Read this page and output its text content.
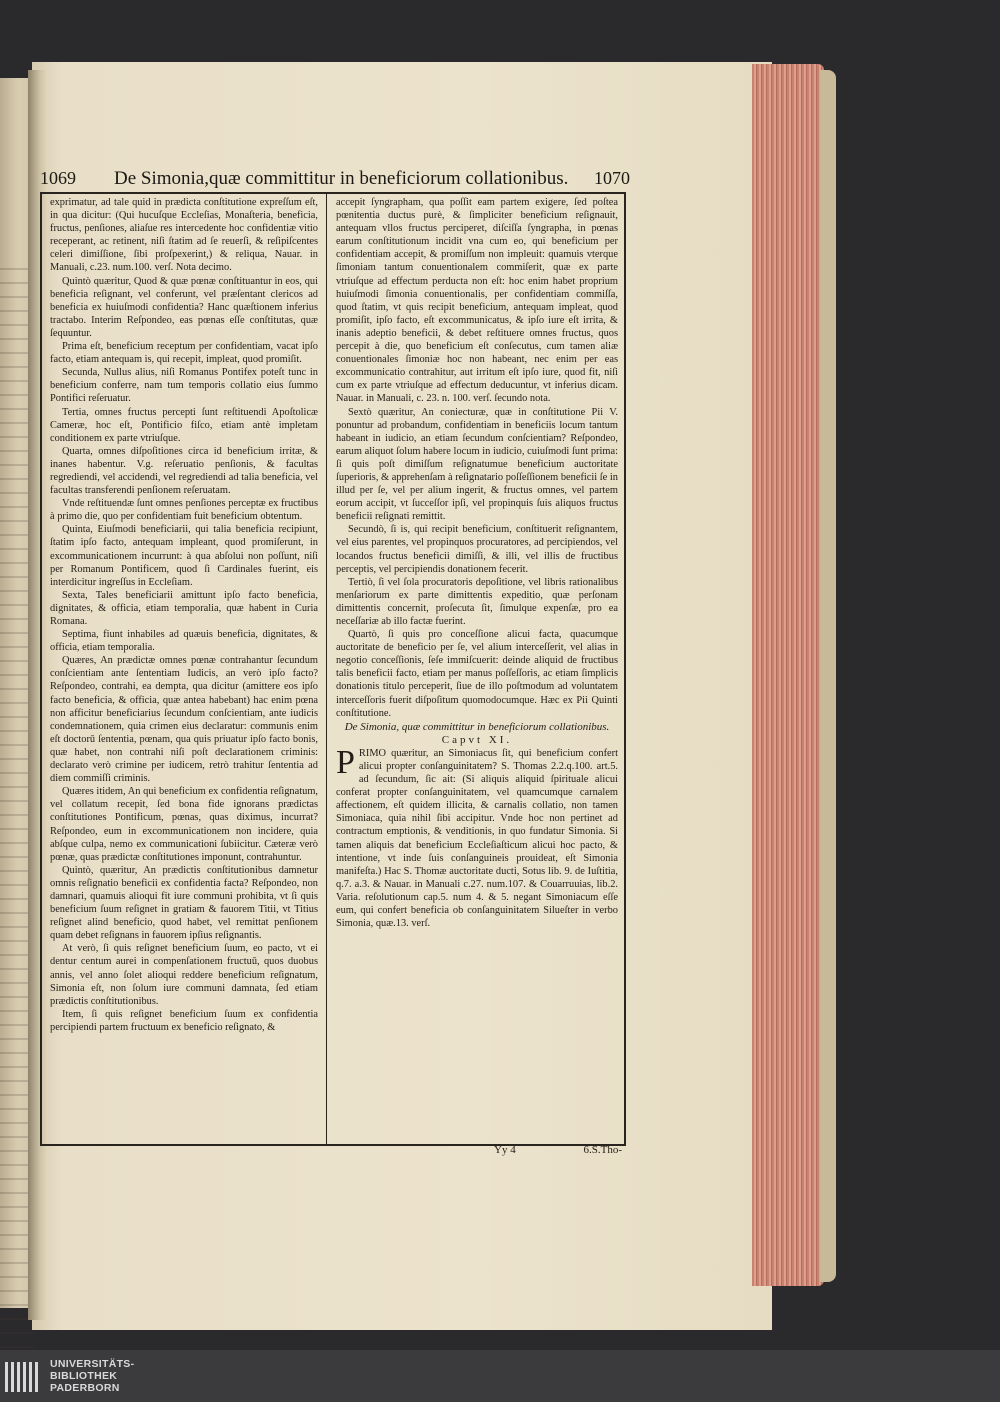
1069 De Simonia,quæ committitur in beneficiorum collationibus. 1070

exprimatur, ad tale quid in prædicta conſtitutione expreſſum eſt, in qua dicitur: (Qui hucuſque Eccleſias, Monaſteria, beneficia, fructus, penſiones, aliaſue res intercedente hoc confidentiæ vitio receperant, ac retinent, niſi ſtatim ad ſe reuerſi, & reſipiſcentes celeri dimiſſione, ſibi proſpexerint,) & reliqua, Nauar. in Manuali, c.23. num.100. verſ. Nota decimo.

Quintò quæritur, Quod & quæ pœnæ conſtituantur in eos, qui beneficia reſignant, vel conferunt, vel præſentant clericos ad beneficia ex huiuſmodi confidentia? Hanc quæſtionem inferius tractabo. Interim Reſpondeo, eas pœnas eſſe conſtitutas, quæ ſequuntur.

Prima eſt, beneficium receptum per confidentiam, vacat ipſo facto, etiam antequam is, qui recepit, impleat, quod promiſit.

Secunda, Nullus alius, niſi Romanus Pontifex poteſt tunc in beneficium conferre, nam tum temporis collatio eius ſummo Pontifici reſeruatur.

Tertia, omnes fructus percepti ſunt reſtituendi Apoſtolicæ Cameræ, hoc eſt, Pontificio fiſco, etiam antè impletam conditionem ex parte vtriuſque.

Quarta, omnes diſpoſitiones circa id beneficium irritæ, & inanes habentur. V.g. reſeruatio penſionis, & facultas regrediendi, vel accidendi, vel regrediendi ad talia beneficia, vel facultas transferendi penſionem reſeruatam.

Vnde reſtituendæ ſunt omnes penſiones perceptæ ex fructibus à primo die, quo per confidentiam fuit beneficium obtentum.

Quinta, Eiuſmodi beneficiarii, qui talia beneficia recipiunt, ſtatim ipſo facto, antequam impleant, quod promiſerunt, in excommunicationem incurrunt: à qua abſolui non poſſunt, niſi per Romanum Pontificem, quod ſi Cardinales fuerint, eis interdicitur ingreſſus in Eccleſiam.

Sexta, Tales beneficiarii amittunt ipſo facto beneficia, dignitates, & officia, etiam temporalia, quæ habent in Curia Romana.

Septima, fiunt inhabiles ad quæuis beneficia, dignitates, & officia, etiam temporalia.

Quæres, An prædictæ omnes pœnæ contrahantur ſecundum conſcientiam ante ſententiam Iudicis, an verò ipſo facto? Reſpondeo, contrahi, ea dempta, qua dicitur (amittere eos ipſo facto beneficia, & officia, quæ antea habebant) hac enim pœna non afficitur beneficiarius ſecundum conſcientiam, ante iudicis condemnationem, quia crimen eius declaratur: communis enim eſt doctorū ſententia, pœnam, qua quis priuatur ipſo facto bonis, quæ habet, non contrahi niſi poſt declarationem criminis: declarato verò crimine per iudicem, retrò trahitur ſententia ad diem commiſſi criminis.

Quæres itidem, An qui beneficium ex confidentia reſignatum, vel collatum recepit, ſed bona fide ignorans prædictas conſtitutiones Pontificum, pœnas, quas diximus, incurrat? Reſpondeo, eum in excommunicationem non incidere, quia abſque culpa, nemo ex communicationi ſubiicitur. Cæteræ verò pœnæ, quas prædictæ conſtitutiones imponunt, contrahuntur.

Quintò, quæritur, An prædictis conſtitutionibus damnetur omnis reſignatio beneficii ex confidentia facta? Reſpondeo, non damnari, quamuis alioqui fit iure communi prohibita, vt ſi quis beneficium ſuum reſignet in gratiam & fauorem Titii, vt Titius reſignet alind beneficio, quod habet, vel remittat penſionem quam debet reſignans in fauorem ipſius reſignantis.

At verò, ſi quis reſignet beneficium ſuum, eo pacto, vt ei dentur centum aurei in compenſationem fructuū, quos duobus annis, vel anno ſolet alioqui reddere beneficium reſignatum, Simonia eſt, non ſolum iure communi damnata, ſed etiam prædictis conſtitutionibus.

Item, ſi quis reſignet beneficium ſuum ex confidentia percipiendi partem fructuum ex beneficio reſignato, &

accepit ſyngrapham, qua poſſit eam partem exigere, ſed poſtea pœnitentia ductus purè, & ſimpliciter beneficium reſignauit, antequam vllos fructus perciperet, diſciſſa ſyngrapha, in pœnas earum conſtitutionum incidit vna cum eo, qui beneficium per confidentiam accepit, & promiſſum non impleuit: quamuis vterque ſimoniam tantum conuentionalem commiſerit, quæ ex parte vtriuſque ad effectum perducta non eſt: hoc enim habet proprium huiuſmodi ſimonia conuentionalis, per confidentiam commiſſa, quod ſtatim, vt quis recipit beneficium, antequam impleat, quod promiſit, ipſo facto, eſt excommunicatus, & ipſo iure eſt irrita, & inanis adeptio beneficii, & debet reſtituere omnes fructus, quos percepit à die, quo beneficium eſt conſecutus, cum tamen aliæ conuentionales ſimoniæ hoc non habeant, nec enim per eas excommunicatio contrahitur, aut irritum eſt ipſo iure, quod fit, niſi cum ex parte vtriuſque ad effectum deducuntur, vt inferius dicam. Nauar. in Manuali, c. 23. n. 100. verſ. ſecundo nota.

Sextò quæritur, An coniecturæ, quæ in conſtitutione Pii V. ponuntur ad probandum, confidentiam in beneficiis locum tantum habeant in iudicio, an etiam ſecundum conſcientiam? Reſpondeo, earum aliquot ſolum habere locum in iudicio, cuiuſmodi ſunt prima: ſi quis poſt dimiſſum reſignatumue beneficium auctoritate ſuperioris, & apprehenſam à reſignatario poſſeſſionem beneficii ſe in illud per ſe, vel per alium ingerit, & fructus omnes, vel partem eorum accipit, vt ſucceſſor ipſi, vel propinquis ſuis aliquos fructus beneficii reſignati remittit.

Secundò, ſi is, qui recipit beneficium, conſtituerit reſignantem, vel eius parentes, vel propinquos procuratores, ad percipiendos, vel locandos fructus beneficii dimiſſi, & illi, vel illis de fructibus perceptis, vel percipiendis donationem fecerit.

Tertiò, ſi vel ſola procuratoris depoſitione, vel libris rationalibus menſariorum ex parte dimittentis expeditio, quæ perſonam dimittentis concernit, proſecuta ſit, ſimulque expenſæ, pro ea neceſſariæ ab illo factæ fuerint.

Quartò, ſi quis pro conceſſione alicui facta, quacumque auctoritate de beneficio per ſe, vel alium interceſſerit, vel alias in negotio conceſſionis, ſeſe immiſcuerit: deinde aliquid de fructibus talis beneficii facto, etiam per manus poſſeſſoris, ac etiam ſimplicis donationis titulo perceperit, ſiue de illo poſtmodum ad voluntatem interceſſoris fuerit diſpoſitum quomodocumque. Hæc ex Pii Quinti conſtitutione.

De Simonia, quæ committitur in beneficiorum collationibus.

Capvt XI.

PRIMO quæritur, an Simoniacus ſit, qui beneficium confert alicui propter conſanguinitatem? S. Thomas 2.2.q.100. art.5. ad ſecundum, ſic ait: (Si aliquis aliquid ſpirituale alicui conferat propter conſanguinitatem, vel quamcumque carnalem affectionem, eſt quidem illicita, & carnalis collatio, non tamen Simoniaca, quia nihil ſibi accipitur. Vnde hoc non pertinet ad contractum emptionis, & venditionis, in quo fundatur Simonia. Si tamen aliquis dat beneficium Eccleſiaſticum alicui hoc pacto, & intentione, vt inde ſuis conſanguineis prouideat, eſt Simonia manifeſta.) Hac S. Thomæ auctoritate ducti, Sotus lib. 9. de Iuſtitia, q.7. a.3. & Nauar. in Manuali c.27. num.107. & Couarruuias, lib.2. Varia. reſolutionum cap.5. num 4. & 5. negant Simoniacum eſſe eum, qui confert beneficia ob conſanguinitatem Silueſter in verbo Simonia, quæ.13. verſ.

Yy 4	6.S.Tho-
UNIVERSITÄTS-
BIBLIOTHEK
PADERBORN
